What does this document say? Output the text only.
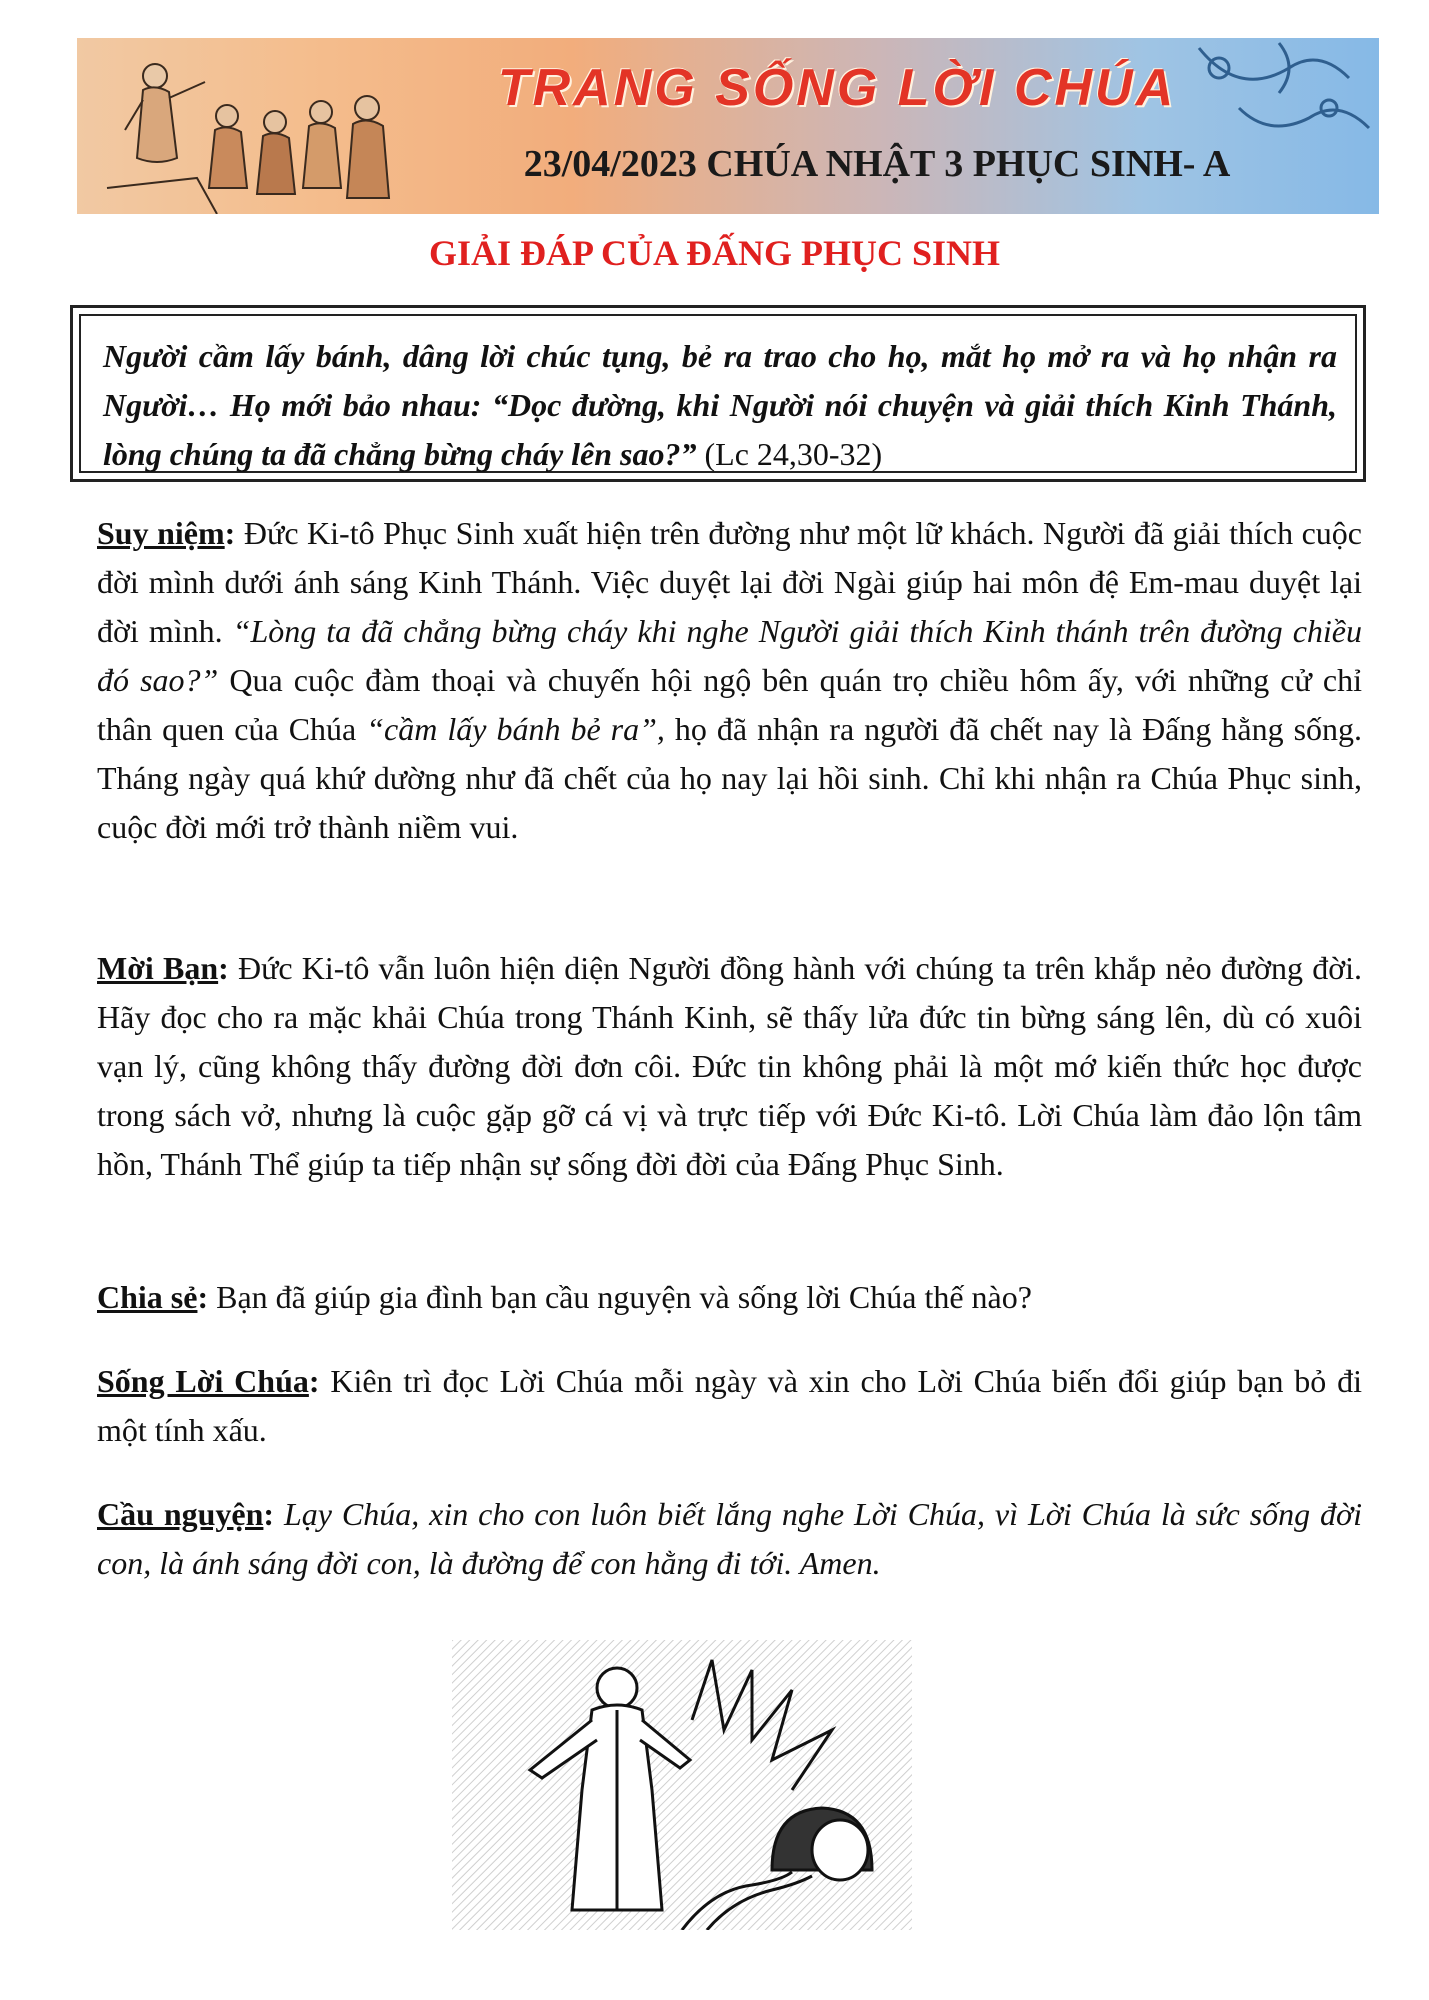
TRANG SỐNG LỜI CHÚA
23/04/2023 CHÚA NHẬT 3 PHỤC SINH- A
GIẢI ĐÁP CỦA ĐẤNG PHỤC SINH

Người cầm lấy bánh, dâng lời chúc tụng, bẻ ra trao cho họ, mắt họ mở ra và họ nhận ra Người… Họ mới bảo nhau: “Dọc đường, khi Người nói chuyện và giải thích Kinh Thánh, lòng chúng ta đã chẳng bừng cháy lên sao?” (Lc 24,30-32)

Suy niệm: Đức Ki-tô Phục Sinh xuất hiện trên đường như một lữ khách. Người đã giải thích cuộc đời mình dưới ánh sáng Kinh Thánh. Việc duyệt lại đời Ngài giúp hai môn đệ Em-mau duyệt lại đời mình. “Lòng ta đã chẳng bừng cháy khi nghe Người giải thích Kinh thánh trên đường chiều đó sao?” Qua cuộc đàm thoại và chuyến hội ngộ bên quán trọ chiều hôm ấy, với những cử chỉ thân quen của Chúa “cầm lấy bánh bẻ ra”, họ đã nhận ra người đã chết nay là Đấng hằng sống. Tháng ngày quá khứ dường như đã chết của họ nay lại hồi sinh. Chỉ khi nhận ra Chúa Phục sinh, cuộc đời mới trở thành niềm vui.

Mời Bạn: Đức Ki-tô vẫn luôn hiện diện Người đồng hành với chúng ta trên khắp nẻo đường đời. Hãy đọc cho ra mặc khải Chúa trong Thánh Kinh, sẽ thấy lửa đức tin bừng sáng lên, dù có xuôi vạn lý, cũng không thấy đường đời đơn côi. Đức tin không phải là một mớ kiến thức học được trong sách vở, nhưng là cuộc gặp gỡ cá vị và trực tiếp với Đức Ki-tô. Lời Chúa làm đảo lộn tâm hồn, Thánh Thể giúp ta tiếp nhận sự sống đời đời của Đấng Phục Sinh.

Chia sẻ: Bạn đã giúp gia đình bạn cầu nguyện và sống lời Chúa thế nào?

Sống Lời Chúa: Kiên trì đọc Lời Chúa mỗi ngày và xin cho Lời Chúa biến đổi giúp bạn bỏ đi một tính xấu.

Cầu nguyện: Lạy Chúa, xin cho con luôn biết lắng nghe Lời Chúa, vì Lời Chúa là sức sống đời con, là ánh sáng đời con, là đường để con hằng đi tới. Amen.
